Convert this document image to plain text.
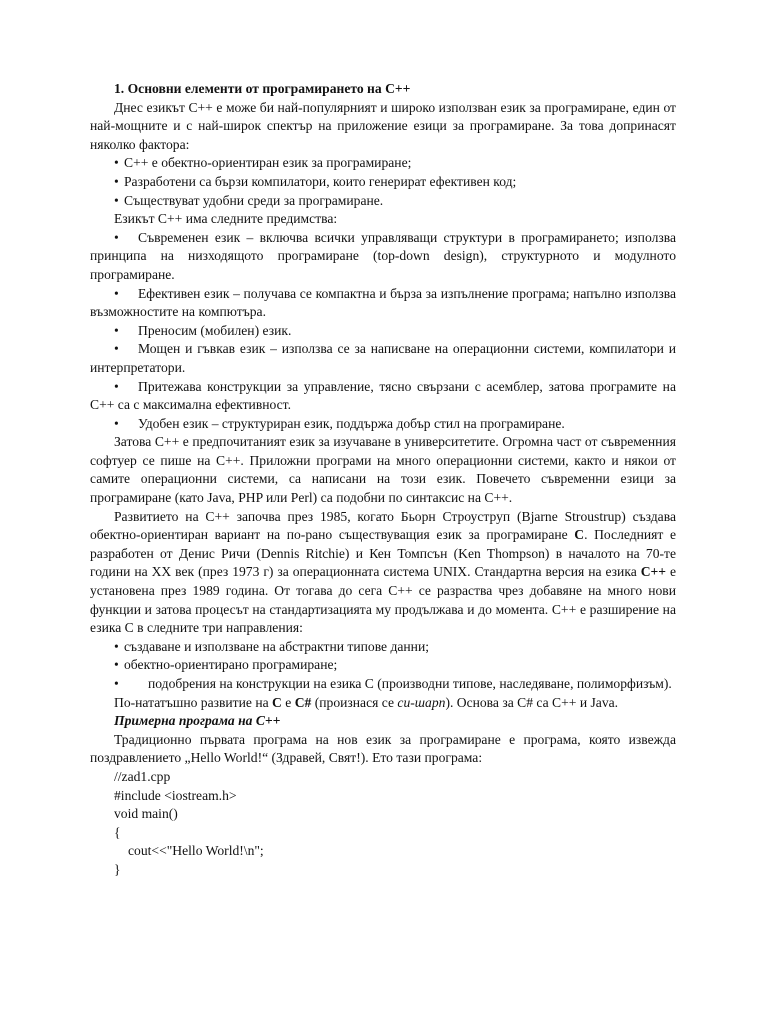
1. Основни елементи от програмирането на С++

Днес езикът С++ е може би най-популярният и широко използван език за програмиране, един от най-мощните и с най-широк спектър на приложение езици за програмиране. За това допринасят няколко фактора:

• С++ е обектно-ориентиран език за програмиране;
• Разработени са бързи компилатори, които генерират ефективен код;
• Съществуват удобни среди за програмиране.

Езикът С++ има следните предимства:

• Съвременен език – включва всички управляващи структури в програмирането; използва принципа на низходящото програмиране (top-down design), структурното и модулното програмиране.
• Ефективен език – получава се компактна и бърза за изпълнение програма; напълно използва възможностите на компютъра.
• Преносим (мобилен) език.
• Мощен и гъвкав език – използва се за написване на операционни системи, компилатори и интерпретатори.
• Притежава конструкции за управление, тясно свързани с асемблер, затова програмите на С++ са с максимална ефективност.
• Удобен език – структуриран език, поддържа добър стил на програмиране.

Затова С++ е предпочитаният език за изучаване в университетите. Огромна част от съвременния софтуер се пише на С++. Приложни програми на много операционни системи, както и някои от самите операционни системи, са написани на този език. Повечето съвременни езици за програмиране (като Java, PHP или Perl) са подобни по синтаксис на С++.

Развитието на С++ започва през 1985, когато Бьорн Строуструп (Bjarne Stroustrup) създава обектно-ориентиран вариант на по-рано съществуващия език за програмиране С. Последният е разработен от Денис Ричи (Dennis Ritchie) и Кен Томпсън (Ken Thompson) в началото на 70-те години на XX век (през 1973 г) за операционната система UNIX. Стандартна версия на езика С++ е установена през 1989 година. От тогава до сега С++ се разраства чрез добавяне на много нови функции и затова процесът на стандартизацията му продължава и до момента. С++ е разширение на езика С в следните три направления:

• създаване и използване на абстрактни типове данни;
• обектно-ориентирано програмиране;
• подобрения на конструкции на езика С (производни типове, наследяване, полиморфизъм).

По-нататъшно развитие на С е С# (произнася се си-шарп). Основа за С# са С++ и Java.

Примерна програма на С++

Традиционно първата програма на нов език за програмиране е програма, която извежда поздравлението „Hello World!“ (Здравей, Свят!). Ето тази програма:

//zad1.cpp
#include <iostream.h>
void main()
{
cout<<"Hello World!\n";
}
